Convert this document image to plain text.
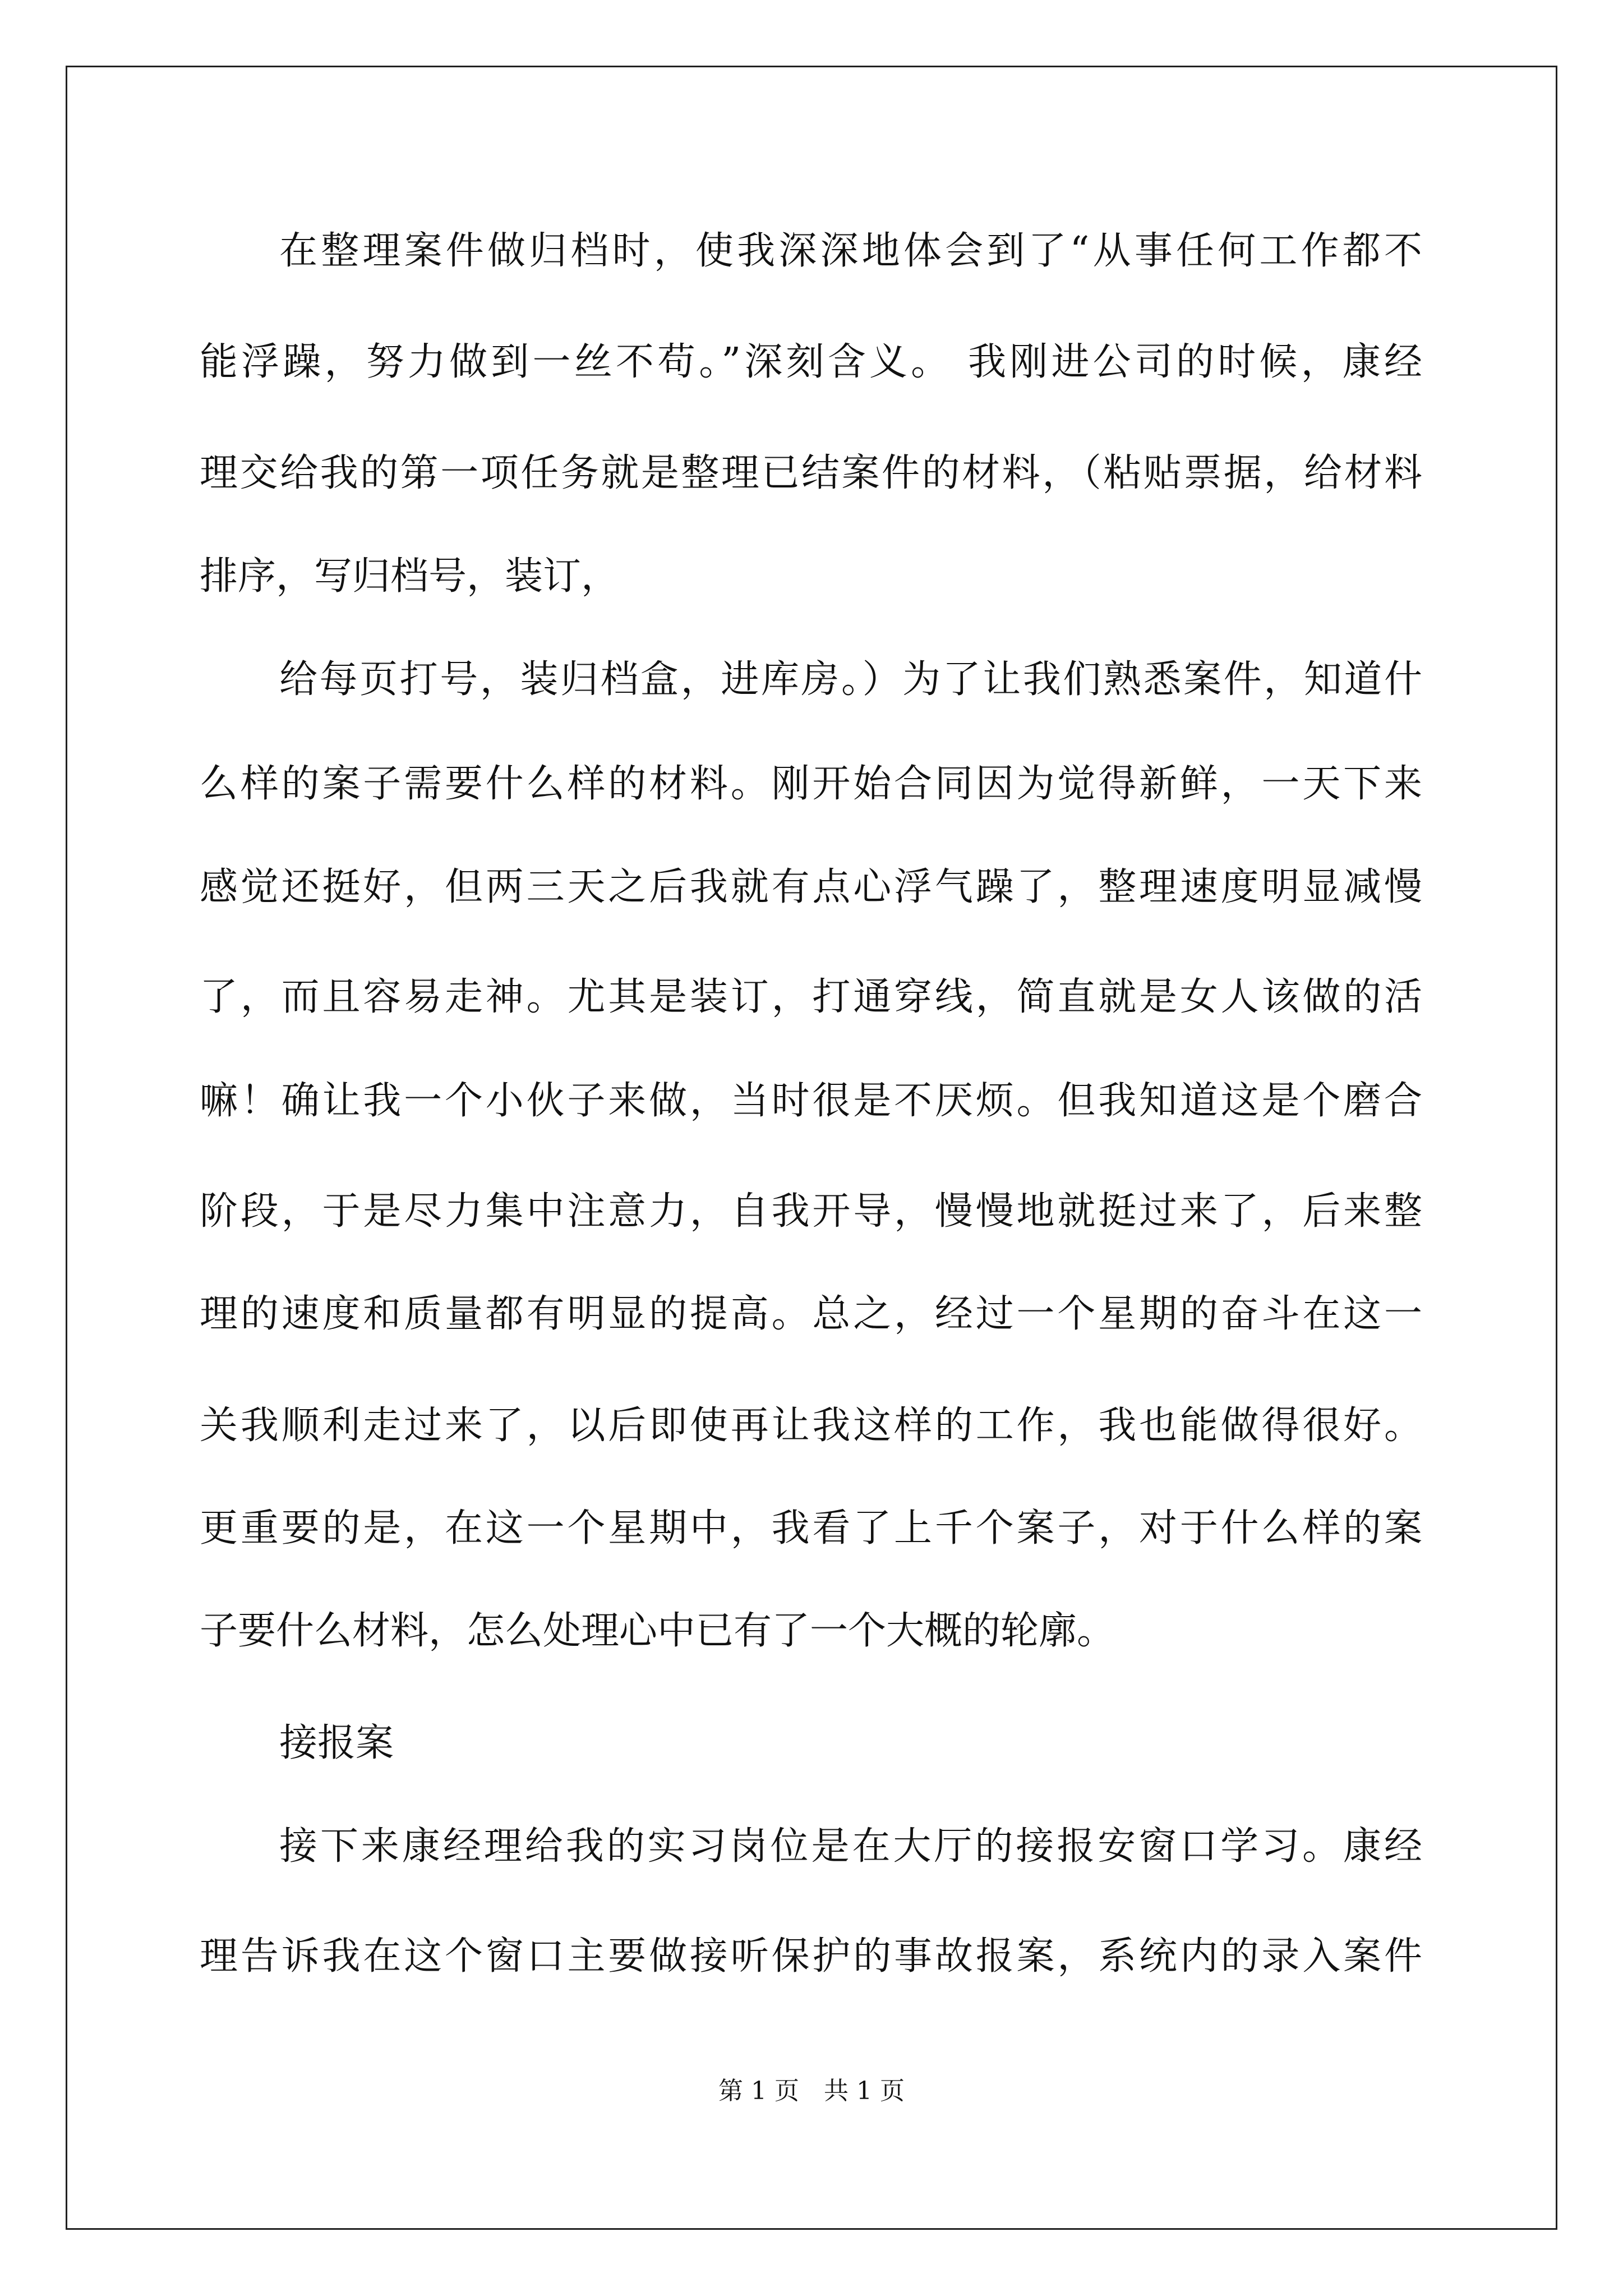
在整理案件做归档时，使我深深地体会到了“从事任何工作都不
能浮躁，努力做到一丝不苟。”深刻含义。 我刚进公司的时候，康经
理交给我的第一项任务就是整理已结案件的材料，（粘贴票据，给材料
排序，写归档号，装订，
给每页打号，装归档盒，进库房。）为了让我们熟悉案件，知道什
么样的案子需要什么样的材料。刚开始合同因为觉得新鲜，一天下来
感觉还挺好，但两三天之后我就有点心浮气躁了，整理速度明显减慢
了，而且容易走神。尤其是装订，打通穿线，简直就是女人该做的活
嘛！确让我一个小伙子来做，当时很是不厌烦。但我知道这是个磨合
阶段，于是尽力集中注意力，自我开导，慢慢地就挺过来了，后来整
理的速度和质量都有明显的提高。总之，经过一个星期的奋斗在这一
关我顺利走过来了，以后即使再让我这样的工作，我也能做得很好。
更重要的是，在这一个星期中，我看了上千个案子，对于什么样的案
子要什么材料，怎么处理心中已有了一个大概的轮廓。
接报案
接下来康经理给我的实习岗位是在大厅的接报安窗口学习。康经
理告诉我在这个窗口主要做接听保护的事故报案，系统内的录入案件
第 1 页　共 1 页
